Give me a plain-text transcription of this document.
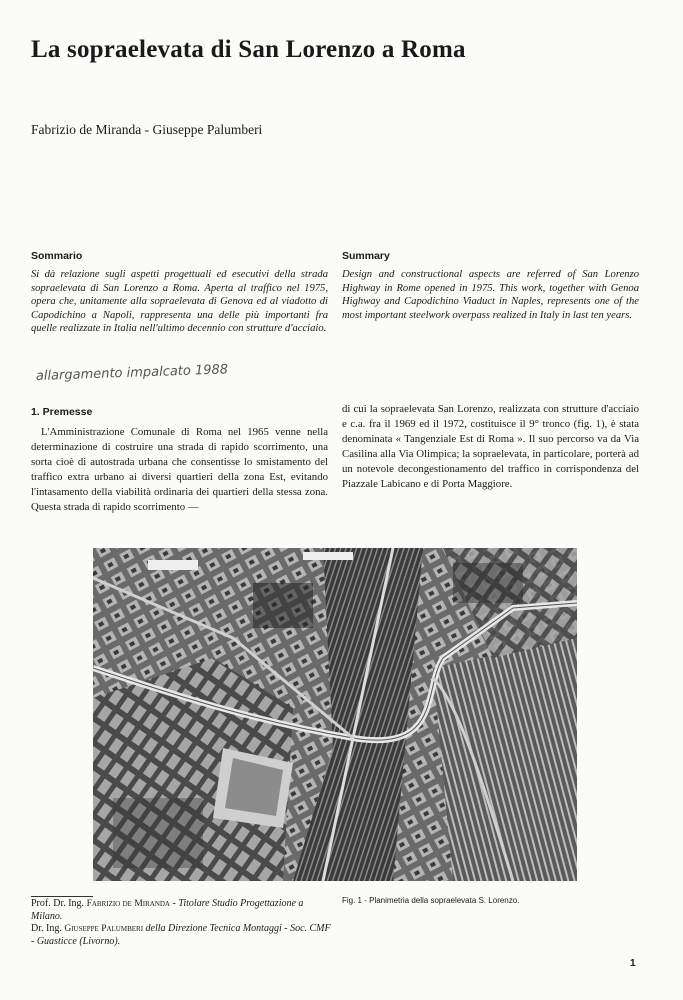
La sopraelevata di San Lorenzo a Roma
Fabrizio de Miranda - Giuseppe Palumberi
Sommario
Si dà relazione sugli aspetti progettuali ed esecutivi della strada sopraelevata di San Lorenzo a Roma. Aperta al traffico nel 1975, opera che, unitamente alla sopraelevata di Genova ed al viadotto di Capodichino a Napoli, rappresenta una delle più importanti fra quelle realizzate in Italia nell'ultimo decennio con strutture d'acciaio.
Summary
Design and constructional aspects are referred of San Lorenzo Highway in Rome opened in 1975. This work, together with Genoa Highway and Capodichino Viaduct in Naples, represents one of the most important steelwork overpass realized in Italy in last ten years.
allargamento impalcato 1988
1. Premesse

L'Amministrazione Comunale di Roma nel 1965 venne nella determinazione di costruire una strada di rapido scorrimento, una sorta cioè di autostrada urbana che consentisse lo smistamento del traffico extra urbano ai diversi quartieri della zona Est, evitando l'intasamento della viabilità ordinaria dei quartieri della stessa zona. Questa strada di rapido scorrimento —

di cui la sopraelevata San Lorenzo, realizzata con strutture d'acciaio e c.a. fra il 1969 ed il 1972, costituisce il 9° tronco (fig. 1), è stata denominata « Tangenziale Est di Roma ». Il suo percorso va da Via Casilina alla Via Olimpica; la sopraelevata, in particolare, porterà ad un notevole decongestionamento del traffico in corrispondenza del Piazzale Labicano e di Porta Maggiore.

Prof. Dr. Ing. Fabrizio de Miranda - Titolare Studio Progettazione a Milano.

Dr. Ing. Giuseppe Palumberi della Direzione Tecnica Montaggi - Soc. CMF - Guasticce (Livorno).

Fig. 1 - Planimetria della sopraelevata S. Lorenzo.
1
